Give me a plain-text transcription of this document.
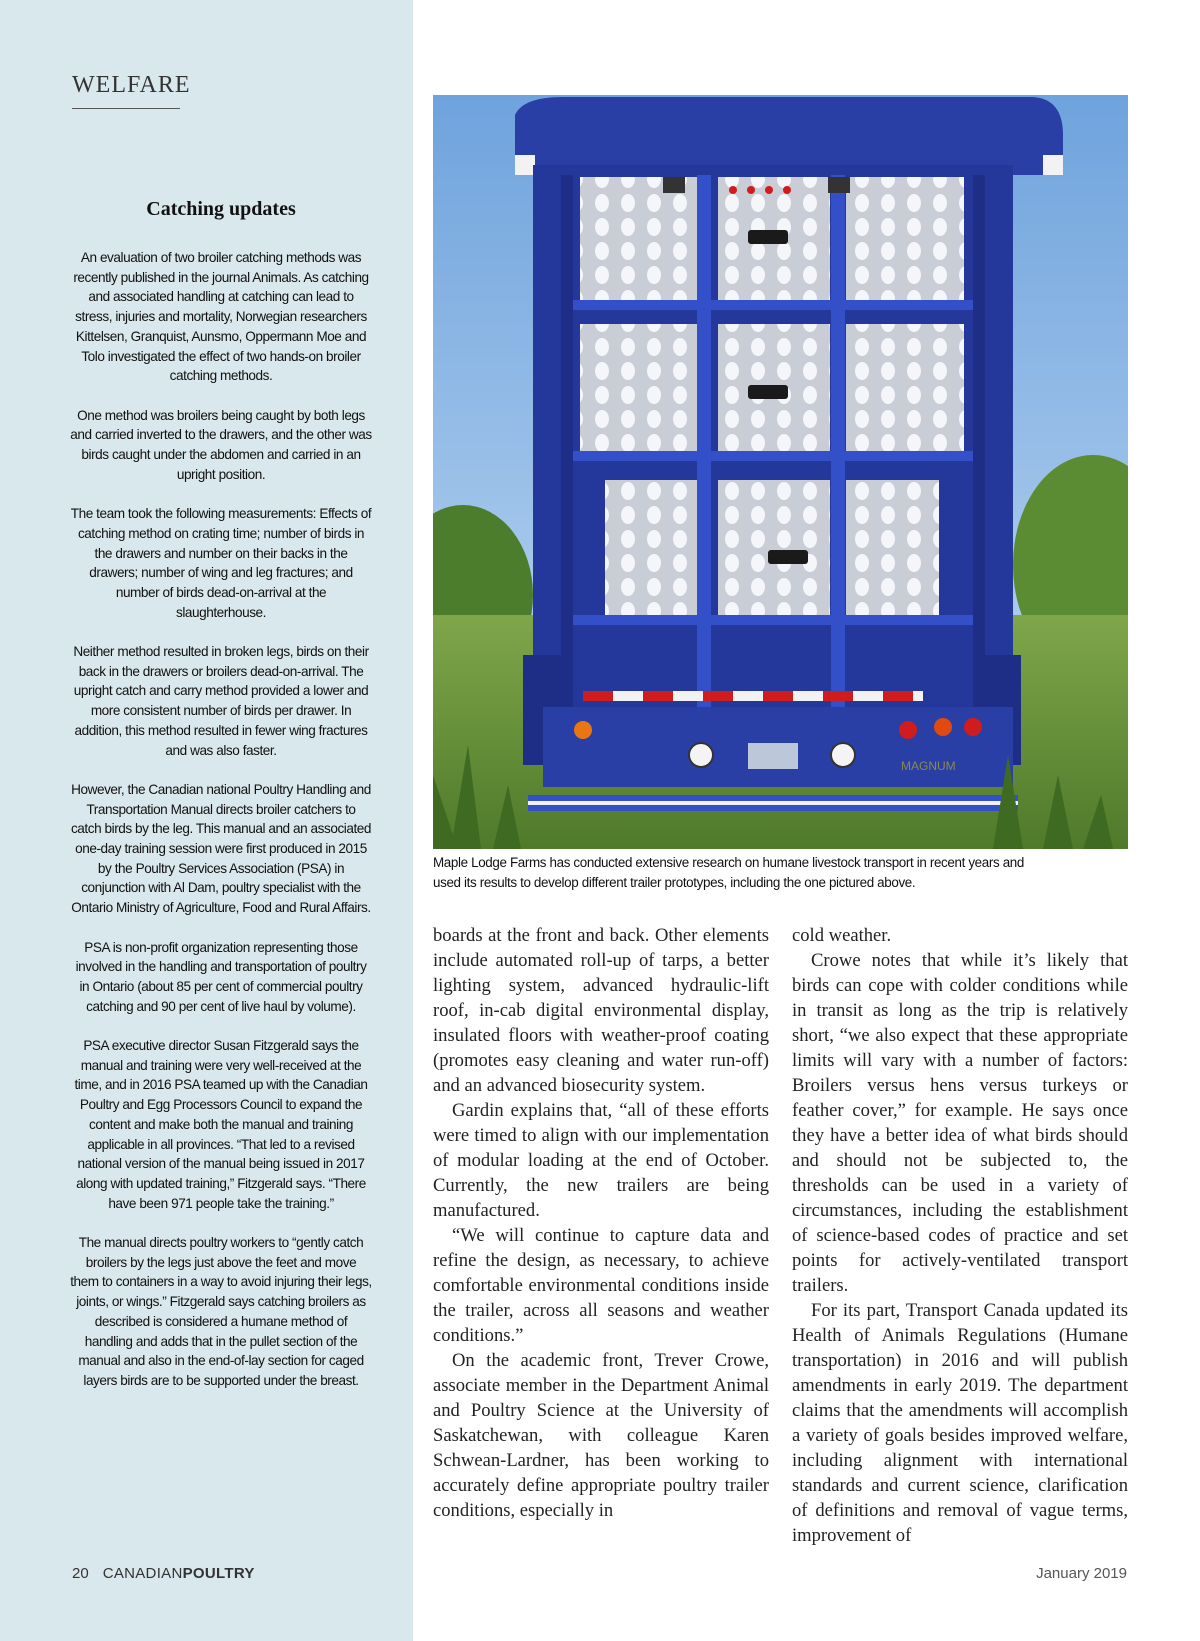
WELFARE
Catching updates

An evaluation of two broiler catching methods was recently published in the journal Animals. As catching and associated handling at catching can lead to stress, injuries and mortality, Norwegian researchers Kittelsen, Granquist, Aunsmo, Oppermann Moe and Tolo investigated the effect of two hands-on broiler catching methods.

One method was broilers being caught by both legs and carried inverted to the drawers, and the other was birds caught under the abdomen and carried in an upright position.

The team took the following measurements: Effects of catching method on crating time; number of birds in the drawers and number on their backs in the drawers; number of wing and leg fractures; and number of birds dead-on-arrival at the slaughterhouse.

Neither method resulted in broken legs, birds on their back in the drawers or broilers dead-on-arrival. The upright catch and carry method provided a lower and more consistent number of birds per drawer. In addition, this method resulted in fewer wing fractures and was also faster.

However, the Canadian national Poultry Handling and Transportation Manual directs broiler catchers to catch birds by the leg. This manual and an associated one-day training session were first produced in 2015 by the Poultry Services Association (PSA) in conjunction with Al Dam, poultry specialist with the Ontario Ministry of Agriculture, Food and Rural Affairs.

PSA is non-profit organization representing those involved in the handling and transportation of poultry in Ontario (about 85 per cent of commercial poultry catching and 90 per cent of live haul by volume).

PSA executive director Susan Fitzgerald says the manual and training were very well-received at the time, and in 2016 PSA teamed up with the Canadian Poultry and Egg Processors Council to expand the content and make both the manual and training applicable in all provinces. “That led to a revised national version of the manual being issued in 2017 along with updated training,” Fitzgerald says. “There have been 971 people take the training.”

The manual directs poultry workers to “gently catch broilers by the legs just above the feet and move them to containers in a way to avoid injuring their legs, joints, or wings.” Fitzgerald says catching broilers as described is considered a humane method of handling and adds that in the pullet section of the manual and also in the end-of-lay section for caged layers birds are to be supported under the breast.

MAGNUM
Maple Lodge Farms has conducted extensive research on humane livestock transport in recent years and
used its results to develop different trailer prototypes, including the one pictured above.

boards at the front and back. Other elements include automated roll-up of tarps, a better lighting system, advanced hydraulic-lift roof, in-cab digital environmental display, insulated floors with weather-proof coating (promotes easy cleaning and water run-off) and an advanced biosecurity system.

Gardin explains that, “all of these efforts were timed to align with our implementation of modular loading at the end of October. Currently, the new trailers are being manufactured.

“We will continue to capture data and refine the design, as necessary, to achieve comfortable environmental conditions inside the trailer, across all seasons and weather conditions.”

On the academic front, Trever Crowe, associate member in the Department Animal and Poultry Science at the University of Saskatchewan, with colleague Karen Schwean-Lardner, has been working to accurately define appropriate poultry trailer conditions, especially in

cold weather.

Crowe notes that while it’s likely that birds can cope with colder conditions while in transit as long as the trip is relatively short, “we also expect that these appropriate limits will vary with a number of factors: Broilers versus hens versus turkeys or feather cover,” for example. He says once they have a better idea of what birds should and should not be subjected to, the thresholds can be used in a variety of circumstances, including the establishment of science-based codes of practice and set points for actively-ventilated transport trailers.

For its part, Transport Canada updated its Health of Animals Regulations (Humane transportation) in 2016 and will publish amendments in early 2019. The department claims that the amendments will accomplish a variety of goals besides improved welfare, including alignment with international standards and current science, clarification of definitions and removal of vague terms, improvement of

20 CANADIANPOULTRY	January 2019
